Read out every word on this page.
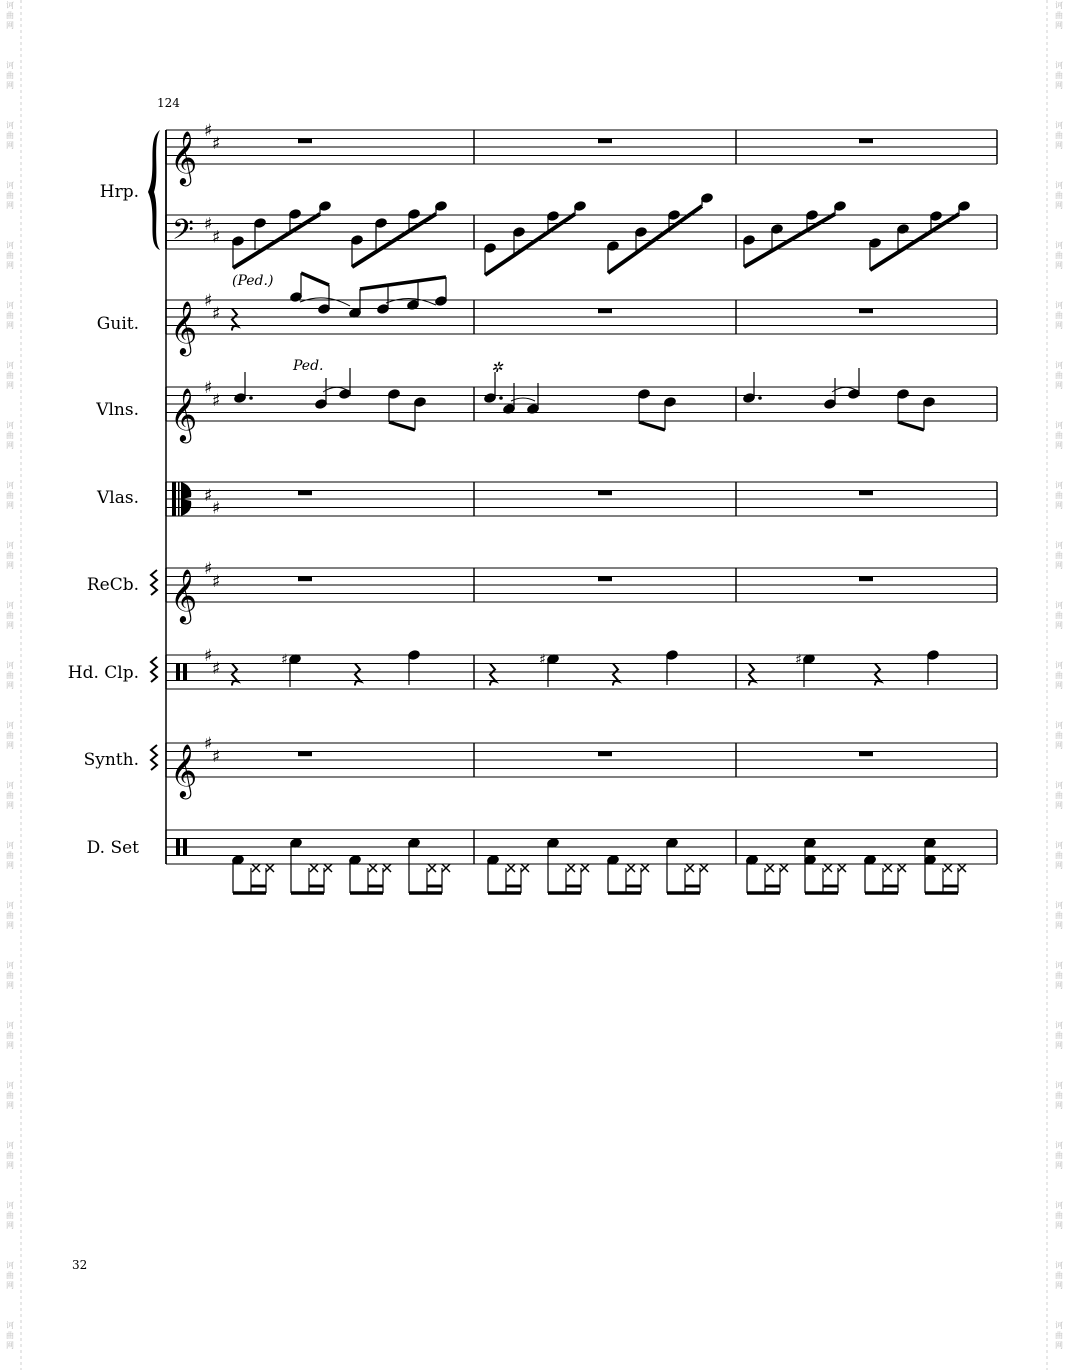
诃
曲
网
诃
曲
网
诃
曲
网
诃
曲
网
诃
曲
网
诃
曲
网
诃
曲
网
诃
曲
网
诃
曲
网
诃
曲
网
诃
曲
网
诃
曲
网
诃
曲
网
诃
曲
网
诃
曲
网
诃
曲
网
诃
曲
网
诃
曲
网
诃
曲
网
诃
曲
网
诃
曲
网
诃
曲
网
诃
曲
网
诃
曲
网
诃
曲
网
诃
曲
网
诃
曲
网
诃
曲
网
诃
曲
网
诃
曲
网
诃
曲
网
诃
曲
网
诃
曲
网
诃
曲
网
诃
曲
网
诃
曲
网
诃
曲
网
诃
曲
网
诃
曲
网
诃
曲
网
诃
曲
网
诃
曲
网
诃
曲
网
诃
曲
网
诃
曲
网
诃
曲
网
124
Hrp.
Guit.
Vlns.
Vlas.
ReCb.
Hd. Clp.
Synth.
D. Set
𝄞 ♯
♯
𝄢 ♯
♯
𝄞 ♯
♯
𝄞 ♯
♯
♯
♯
𝄞 ♯
♯
♯
♯	♯	♯	♯
𝄞 ♯
♯
(Ped.)
Ped.	✲
32
